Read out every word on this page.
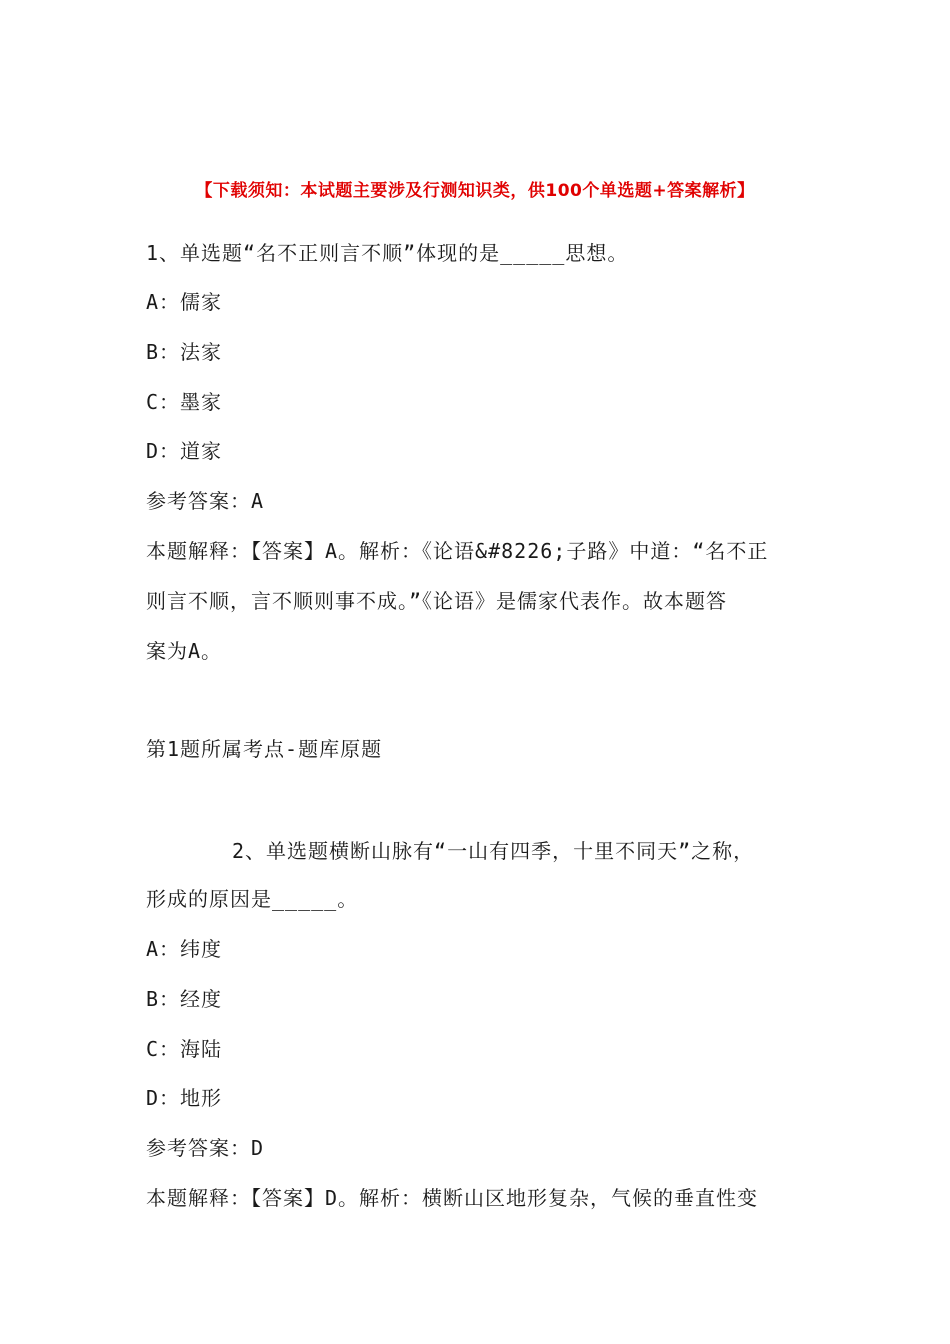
【下载须知：本试题主要涉及行测知识类，供100个单选题+答案解析】
1、单选题“名不正则言不顺”体现的是_____思想。
A：儒家
B：法家
C：墨家
D：道家
参考答案：A
本题解释：【答案】A。解析：《论语&#8226;子路》中道：“名不正
则言不顺，言不顺则事不成。”《论语》是儒家代表作。故本题答
案为A。
第1题所属考点-题库原题
2、单选题横断山脉有“一山有四季，十里不同天”之称，
形成的原因是_____。
A：纬度
B：经度
C：海陆
D：地形
参考答案：D
本题解释：【答案】D。解析：横断山区地形复杂，气候的垂直性变
